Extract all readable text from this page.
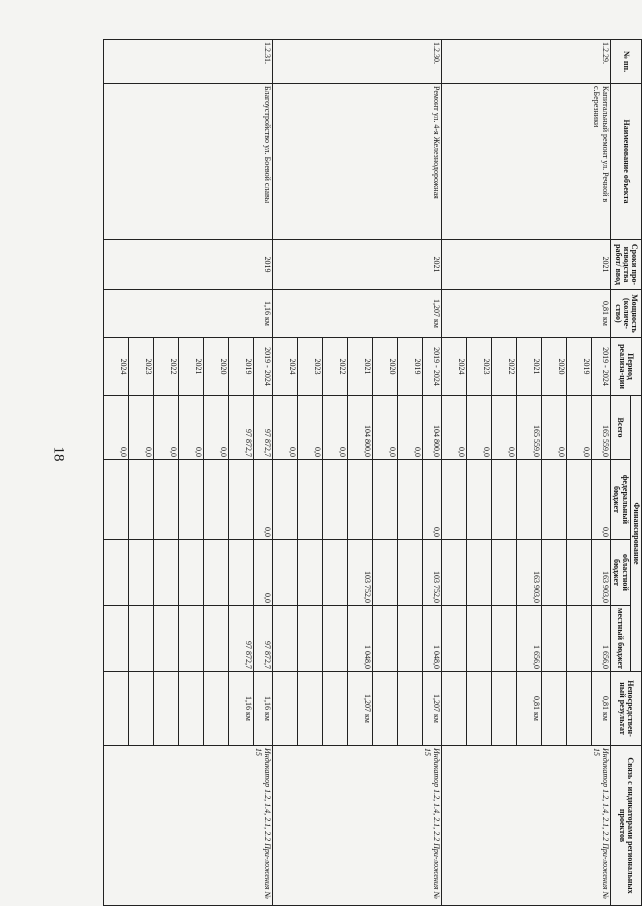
18
№ пп.	Наименование объекта	Сроки про-изводства работ/ ввод	Мощность (количе-ство)	Период реализа-ции	Финансирование				Непосредствен-ный результат	Связь с индикаторами региональных проектов
					Всего	федеральный бюджет	областной бюджет	местный бюджет		
1.2.29.	Капитальный ремонт ул. Речной в с.Березники	2021	0,81 км	2019 - 2024	165 559,0	0,0	163 903,0	1 656,0	0,81 км	Индикатор 1.2, 1.4, 2.1, 2.2 При-ложения № 15
				2019	0,0					
				2020	0,0					
				2021	165 559,0		163 903,0	1 656,0	0,81 км	
				2022	0,0					
				2023	0,0					
				2024	0,0					
1.2.30.	Ремонт ул. 4-я Железнодорожная	2021	1,207 км	2019 - 2024	104 800,0	0,0	103 752,0	1 048,0	1,207 км	Индикатор 1.2, 1.4, 2.1, 2.2 При-ложения № 15
				2019	0,0					
				2020	0,0					
				2021	104 800,0		103 752,0	1 048,0	1,207 км	
				2022	0,0					
				2023	0,0					
				2024	0,0					
1.2.31.	Благоустройство ул. Боевой славы	2019	1,16 км	2019 - 2024	97 872,7	0,0	0,0	97 872,7	1,16 км	Индикатор 1.2, 1.4, 2.1, 2.2 При-ложения № 15
				2019	97 872,7			97 872,7	1,16 км	
				2020	0,0					
				2021	0,0					
				2022	0,0					
				2023	0,0					
				2024	0,0					
